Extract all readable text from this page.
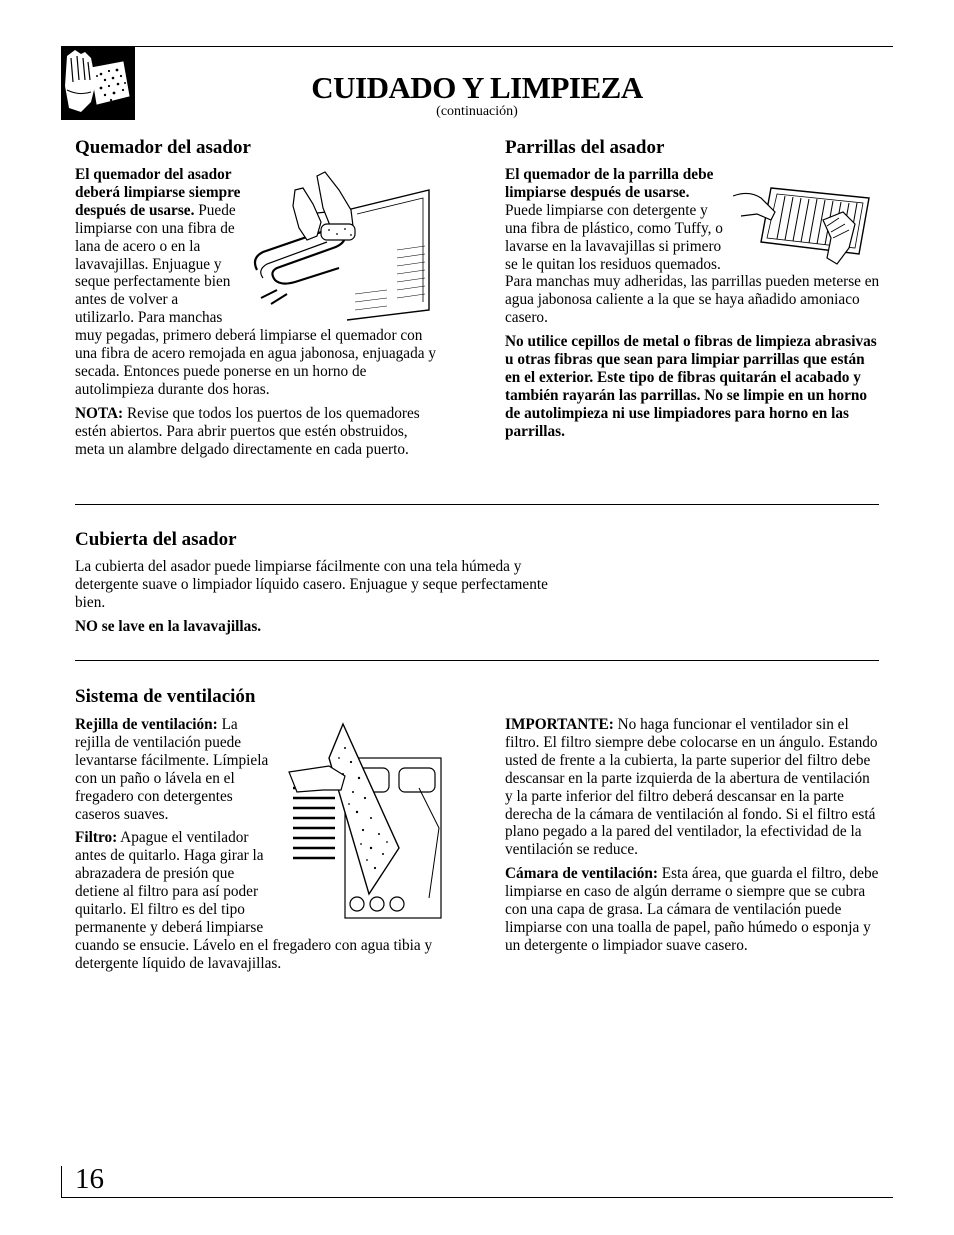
CUIDADO Y LIMPIEZA
(continuación)
Quemador del asador

El quemador del asador deberá limpiarse siempre después de usarse. Puede limpiarse con una fibra de lana de acero o en la lavavajillas. Enjuague y seque perfectamente bien antes de volver a utilizarlo. Para manchas muy pegadas, primero deberá limpiarse el quemador con una fibra de acero remojada en agua jabonosa, enjuagada y secada. Entonces puede ponerse en un horno de autolimpieza durante dos horas.

NOTA: Revise que todos los puertos de los quemadores estén abiertos. Para abrir puertos que estén obstruidos, meta un alambre delgado directamente en cada puerto.

Parrillas del asador

El quemador de la parrilla debe limpiarse después de usarse. Puede limpiarse con detergente y una fibra de plástico, como Tuffy, o lavarse en la lavavajillas si primero se le quitan los residuos quemados. Para manchas muy adheridas, las parrillas pueden meterse en agua jabonosa caliente a la que se haya añadido amoniaco casero.

No utilice cepillos de metal o fibras de limpieza abrasivas u otras fibras que sean para limpiar parrillas que están en el exterior. Este tipo de fibras quitarán el acabado y también rayarán las parrillas. No se limpie en un horno de autolimpieza ni use limpiadores para horno en las parrillas.

Cubierta del asador

La cubierta del asador puede limpiarse fácilmente con una tela húmeda y detergente suave o limpiador líquido casero. Enjuague y seque perfectamente bien.

NO se lave en la lavavajillas.

Sistema de ventilación

Rejilla de ventilación: La rejilla de ventilación puede levantarse fácilmente. Límpiela con un paño o lávela en el fregadero con detergentes caseros suaves.

Filtro: Apague el ventilador antes de quitarlo. Haga girar la abrazadera de presión que detiene al filtro para así poder quitarlo. El filtro es del tipo permanente y deberá limpiarse cuando se ensucie. Lávelo en el fregadero con agua tibia y detergente líquido de lavavajillas.

IMPORTANTE: No haga funcionar el ventilador sin el filtro. El filtro siempre debe colocarse en un ángulo. Estando usted de frente a la cubierta, la parte superior del filtro debe descansar en la parte izquierda de la abertura de ventilación y la parte inferior del filtro deberá descansar en la parte derecha de la cámara de ventilación al fondo. Si el filtro está plano pegado a la pared del ventilador, la efectividad de la ventilación se reduce.

Cámara de ventilación: Esta área, que guarda el filtro, debe limpiarse en caso de algún derrame o siempre que se cubra con una capa de grasa. La cámara de ventilación puede limpiarse con una toalla de papel, paño húmedo o esponja y un detergente o limpiador suave casero.

16
